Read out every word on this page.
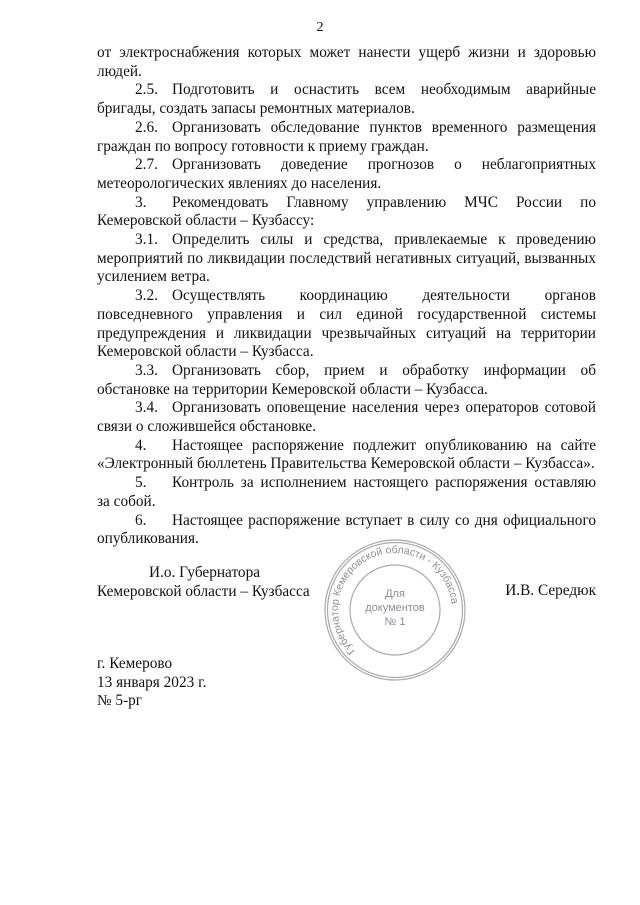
2

от электроснабжения которых может нанести ущерб жизни и здоровью людей.

2.5. Подготовить и оснастить всем необходимым аварийные бригады, создать запасы ремонтных материалов.

2.6. Организовать обследование пунктов временного размещения граждан по вопросу готовности к приему граждан.

2.7. Организовать доведение прогнозов о неблагоприятных метеорологических явлениях до населения.

3. Рекомендовать Главному управлению МЧС России по Кемеровской области – Кузбассу:

3.1. Определить силы и средства, привлекаемые к проведению мероприятий по ликвидации последствий негативных ситуаций, вызванных усилением ветра.

3.2. Осуществлять координацию деятельности органов повседневного управления и сил единой государственной системы предупреждения и ликвидации чрезвычайных ситуаций на территории Кемеровской области – Кузбасса.

3.3. Организовать сбор, прием и обработку информации об обстановке на территории Кемеровской области – Кузбасса.

3.4. Организовать оповещение населения через операторов сотовой связи о сложившейся обстановке.

4. Настоящее распоряжение подлежит опубликованию на сайте «Электронный бюллетень Правительства Кемеровской области – Кузбасса».

5. Контроль за исполнением настоящего распоряжения оставляю за собой.

6. Настоящее распоряжение вступает в силу со дня официального опубликования.

И.о. Губернатора
Кемеровской области – Кузбасса
Губернатор Кемеровской области - Кузбасса
Для
документов
№ 1
И.В. Середюк
г. Кемерово
13 января 2023 г.
№ 5-рг
